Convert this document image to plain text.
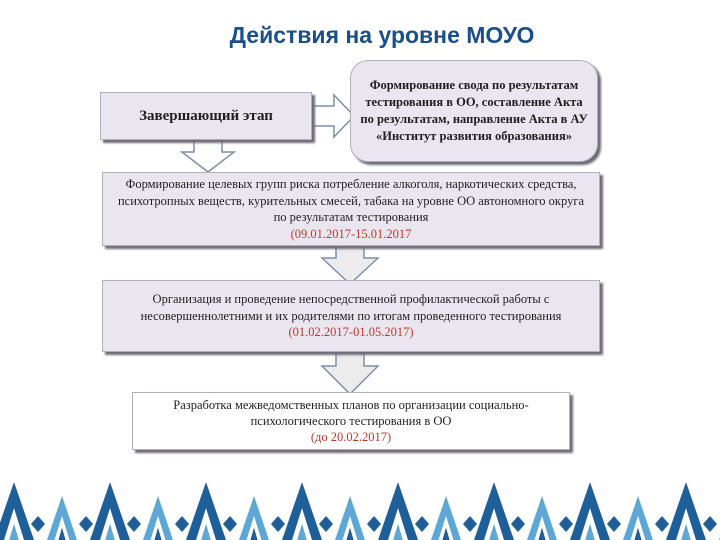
Действия на уровне МОУО
Завершающий этап
Формирование свода по результатам тестирования в ОО, составление Акта по результатам, направление Акта в АУ «Институт развития образования»
Формирование целевых групп риска потребление алкоголя, наркотических средства, психотропных веществ, курительных смесей, табака на уровне ОО автономного округа по результатам тестирования
(09.01.2017-15.01.2017
Организация и проведение непосредственной профилактической работы с несовершеннолетними и их родителями по итогам проведенного тестирования
(01.02.2017-01.05.2017)
Разработка межведомственных планов по организации социально-психологического тестирования в ОО
(до 20.02.2017)
